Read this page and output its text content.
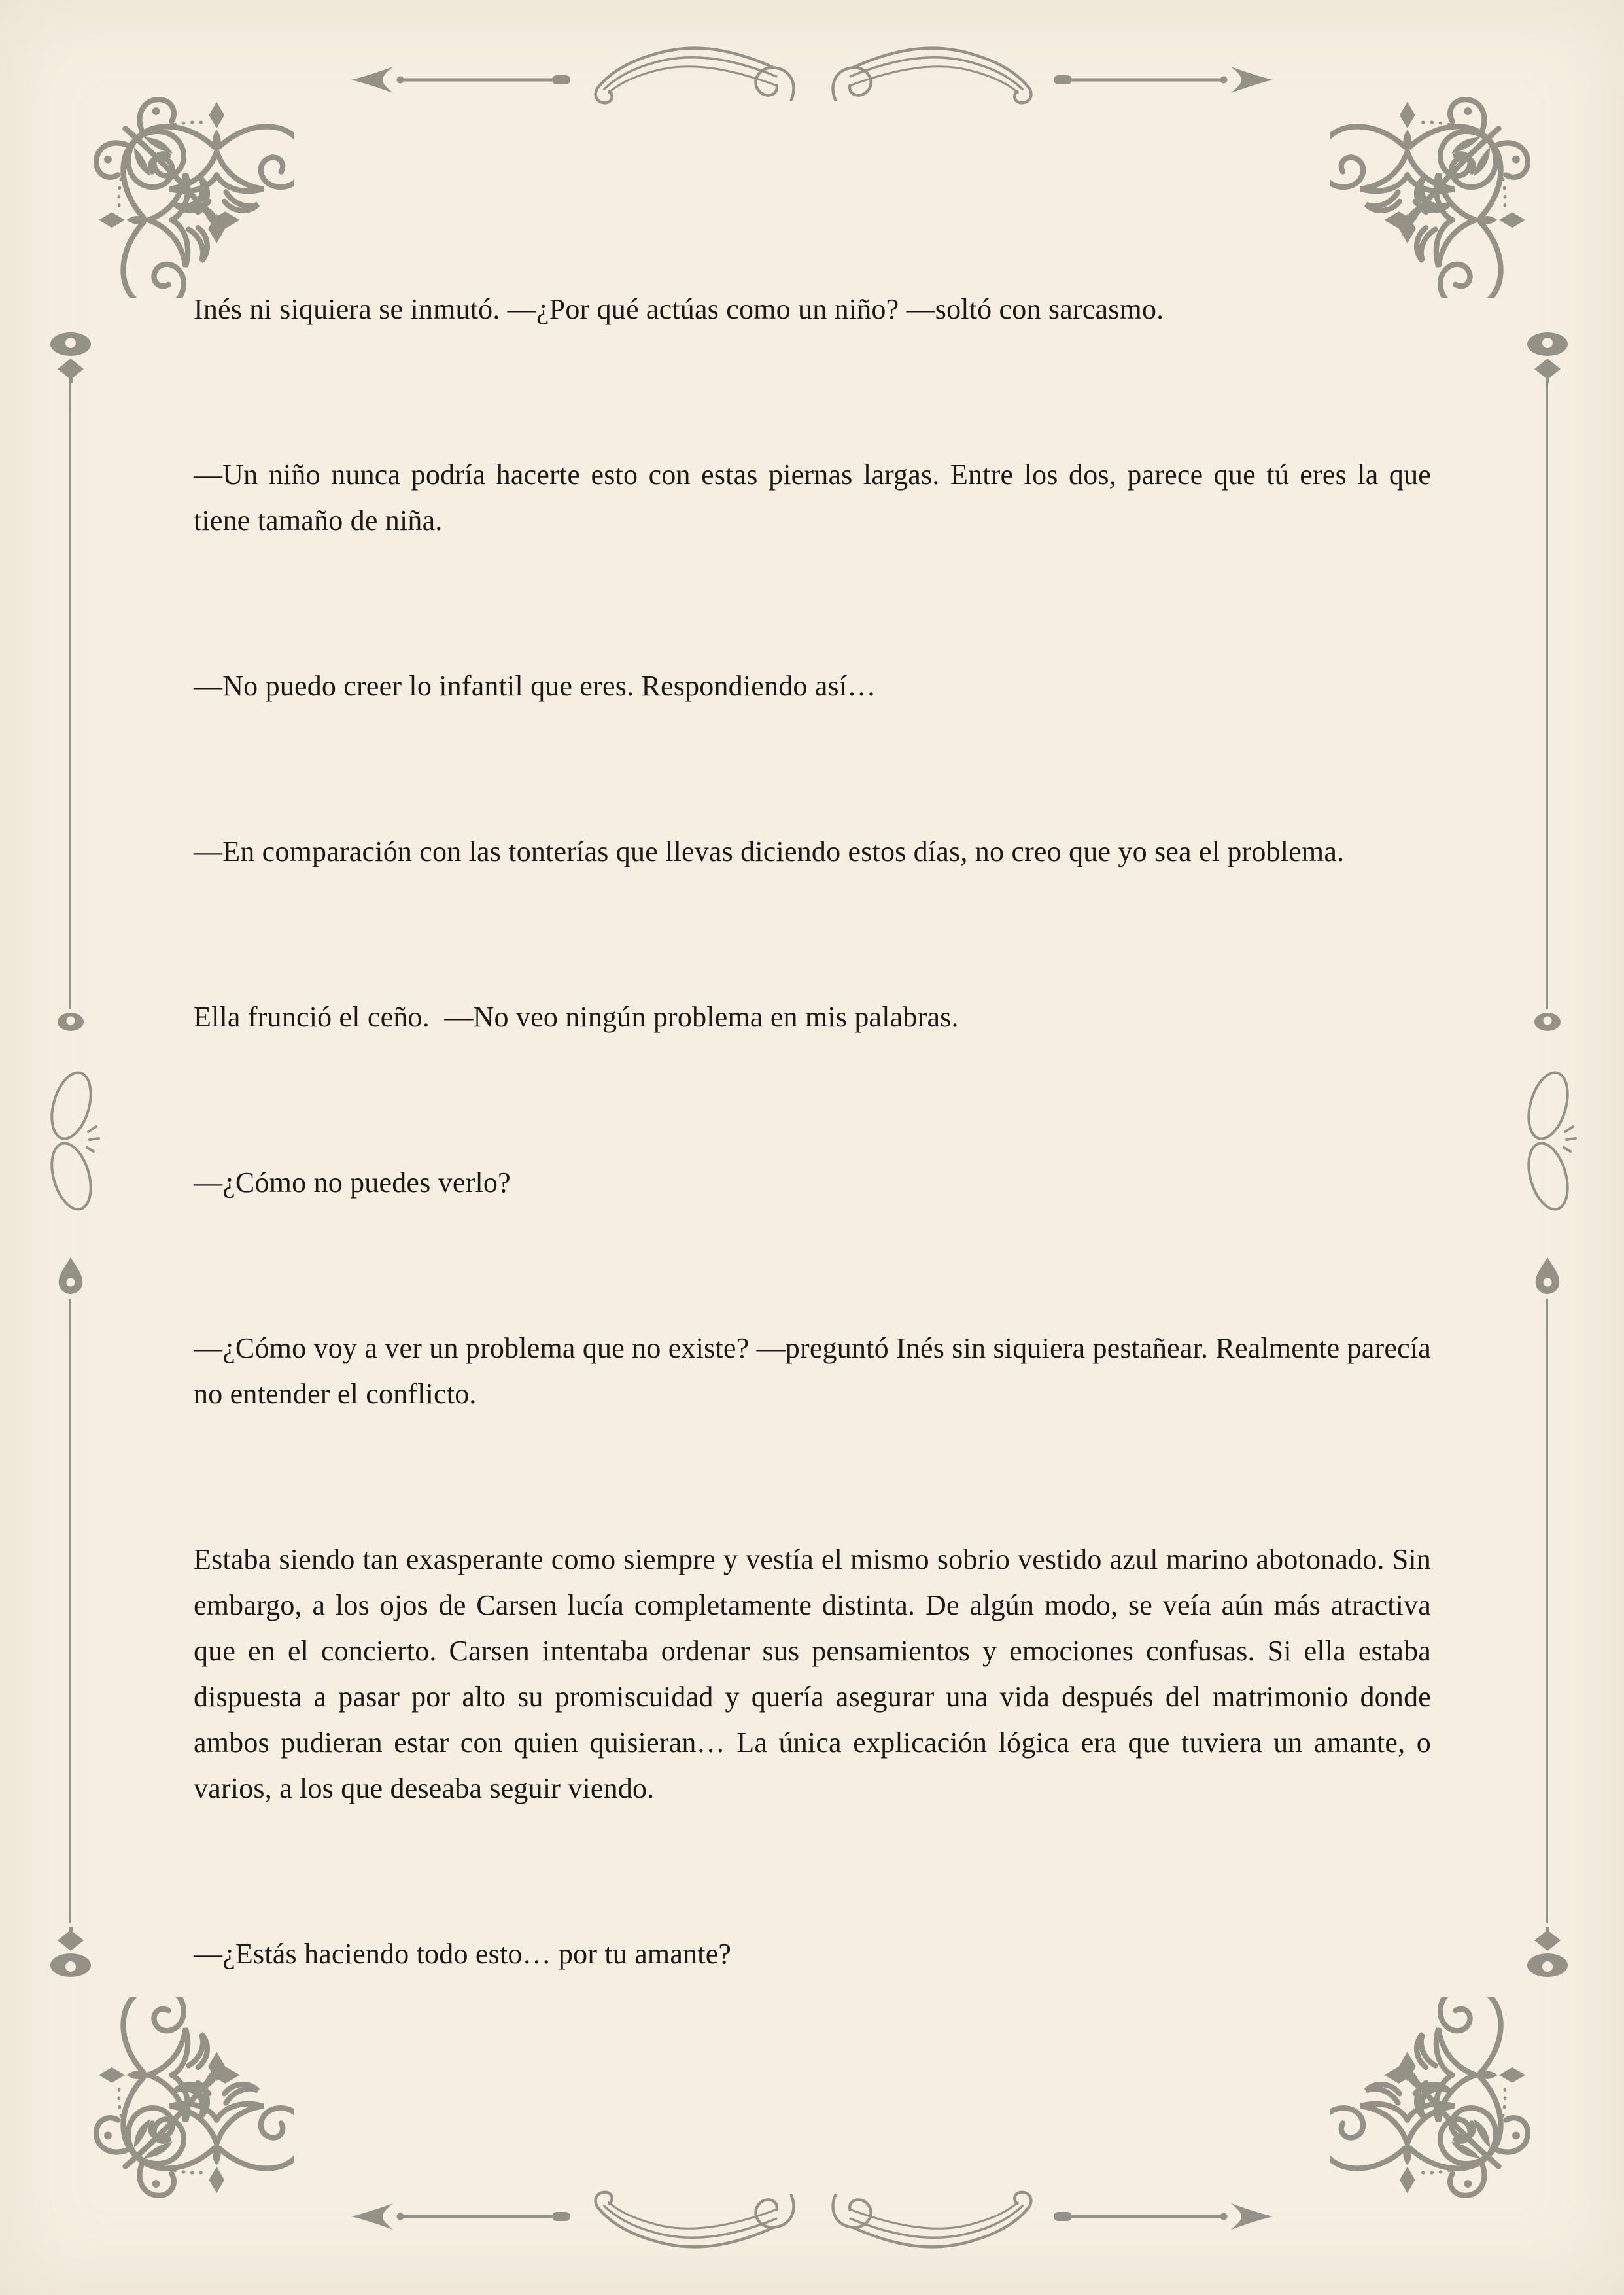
Inés ni siquiera se inmutó. —¿Por qué actúas como un niño? —soltó con sarcasmo.

—Un niño nunca podría hacerte esto con estas piernas largas. Entre los dos, parece que tú eres la que tiene tamaño de niña.

—No puedo creer lo infantil que eres. Respondiendo así…

—En comparación con las tonterías que llevas diciendo estos días, no creo que yo sea el problema.

Ella frunció el ceño.  —No veo ningún problema en mis palabras.

—¿Cómo no puedes verlo?

—¿Cómo voy a ver un problema que no existe? —preguntó Inés sin siquiera pestañear. Realmente parecía no entender el conflicto.

Estaba siendo tan exasperante como siempre y vestía el mismo sobrio vestido azul marino abotonado. Sin embargo, a los ojos de Carsen lucía completamente distinta. De algún modo, se veía aún más atractiva que en el concierto. Carsen intentaba ordenar sus pensamientos y emociones confusas. Si ella estaba dispuesta a pasar por alto su promiscuidad y quería asegurar una vida después del matrimonio donde ambos pudieran estar con quien quisieran… La única explicación lógica era que tuviera un amante, o varios, a los que deseaba seguir viendo.

—¿Estás haciendo todo esto… por tu amante?
